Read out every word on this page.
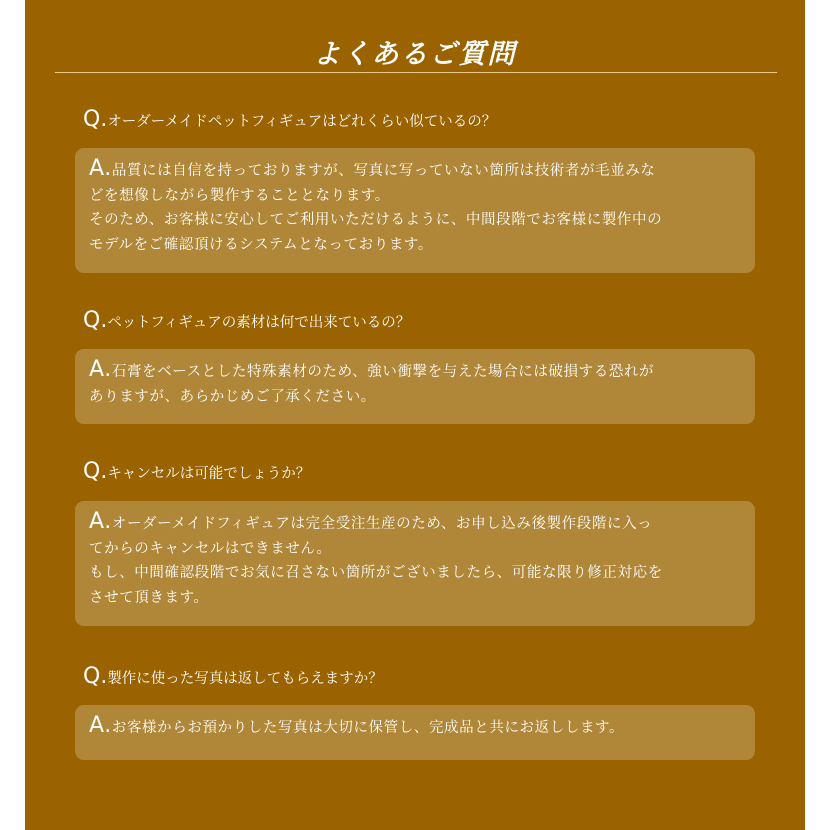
よくあるご質問
Q.オーダーメイドペットフィギュアはどれくらい似ているの？
A.品質には自信を持っておりますが、写真に写っていない箇所は技術者が毛並みな
どを想像しながら製作することとなります。
そのため、お客様に安心してご利用いただけるように、中間段階でお客様に製作中の
モデルをご確認頂けるシステムとなっております。
Q.ペットフィギュアの素材は何で出来ているの？
A.石膏をベースとした特殊素材のため、強い衝撃を与えた場合には破損する恐れが
ありますが、あらかじめご了承ください。
Q.キャンセルは可能でしょうか？
A.オーダーメイドフィギュアは完全受注生産のため、お申し込み後製作段階に入っ
てからのキャンセルはできません。
もし、中間確認段階でお気に召さない箇所がございましたら、可能な限り修正対応を
させて頂きます。
Q.製作に使った写真は返してもらえますか？
A.お客様からお預かりした写真は大切に保管し、完成品と共にお返しします。
